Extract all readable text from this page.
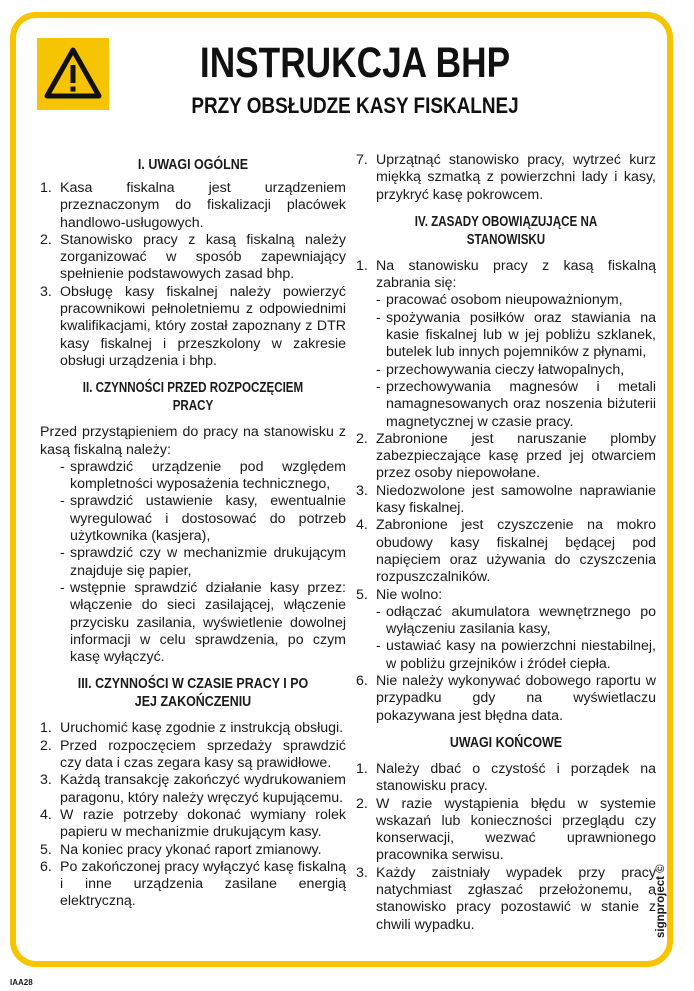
INSTRUKCJA BHP
PRZY OBSŁUDZE KASY FISKALNEJ
I. UWAGI OGÓLNE
1. Kasa fiskalna jest urządzeniem przeznaczonym do fiskalizacji placówek handlowo-usługowych.
2. Stanowisko pracy z kasą fiskalną należy zorganizować w sposób zapewniający spełnienie podstawowych zasad bhp.
3. Obsługę kasy fiskalnej należy powierzyć pracownikowi pełnoletniemu z odpowiednimi kwalifikacjami, który został zapoznany z DTR kasy fiskalnej i przeszkolony w zakresie obsługi urządzenia i bhp.
II. CZYNNOŚCI PRZED ROZPOCZĘCIEM PRACY

Przed przystąpieniem do pracy na stanowisku z kasą fiskalną należy:

- sprawdzić urządzenie pod względem kompletności wyposażenia technicznego,
- sprawdzić ustawienie kasy, ewentualnie wyregulować i dostosować do potrzeb użytkownika (kasjera),
- sprawdzić czy w mechanizmie drukującym znajduje się papier,
- wstępnie sprawdzić działanie kasy przez: włączenie do sieci zasilającej, włączenie przycisku zasilania, wyświetlenie dowolnej informacji w celu sprawdzenia, po czym kasę wyłączyć.
III. CZYNNOŚCI W CZASIE PRACY I PO JEJ ZAKOŃCZENIU
1. Uruchomić kasę zgodnie z instrukcją obsługi.
2. Przed rozpoczęciem sprzedaży sprawdzić czy data i czas zegara kasy są prawidłowe.
3. Każdą transakcję zakończyć wydrukowaniem paragonu, który należy wręczyć kupującemu.
4. W razie potrzeby dokonać wymiany rolek papieru w mechanizmie drukującym kasy.
5. Na koniec pracy ykonać raport zmianowy.
6. Po zakończonej pracy wyłączyć kasę fiskalną i inne urządzenia zasilane energią elektryczną.
7. Uprzątnąć stanowisko pracy, wytrzeć kurz miękką szmatką z powierzchni lady i kasy, przykryć kasę pokrowcem.
IV. ZASADY OBOWIĄZUJĄCE NA STANOWISKU
1. Na stanowisku pracy z kasą fiskalną zabrania się:
- pracować osobom nieupoważnionym,
- spożywania posiłków oraz stawiania na kasie fiskalnej lub w jej pobliżu szklanek, butelek lub innych pojemników z płynami,
- przechowywania cieczy łatwopalnych,
- przechowywania magnesów i metali namagnesowanych oraz noszenia biżuterii magnetycznej w czasie pracy.
2. Zabronione jest naruszanie plomby zabezpieczające kasę przed jej otwarciem przez osoby niepowołane.
3. Niedozwolone jest samowolne naprawianie kasy fiskalnej.
4. Zabronione jest czyszczenie na mokro obudowy kasy fiskalnej będącej pod napięciem oraz używania do czyszczenia rozpuszczalników.
5. Nie wolno:
- odłączać akumulatora wewnętrznego po wyłączeniu zasilania kasy,
- ustawiać kasy na powierzchni niestabilnej, w pobliżu grzejników i źródeł ciepła.
6. Nie należy wykonywać dobowego raportu w przypadku gdy na wyświetlaczu pokazywana jest błędna data.
UWAGI KOŃCOWE
1. Należy dbać o czystość i porządek na stanowisku pracy.
2. W razie wystąpienia błędu w systemie wskazań lub konieczności przeglądu czy konserwacji, wezwać uprawnionego pracownika serwisu.
3. Każdy zaistniały wypadek przy pracy natychmiast zgłaszać przełożonemu, a stanowisko pracy pozostawić w stanie z chwili wypadku.	signproject ©
IAA28
